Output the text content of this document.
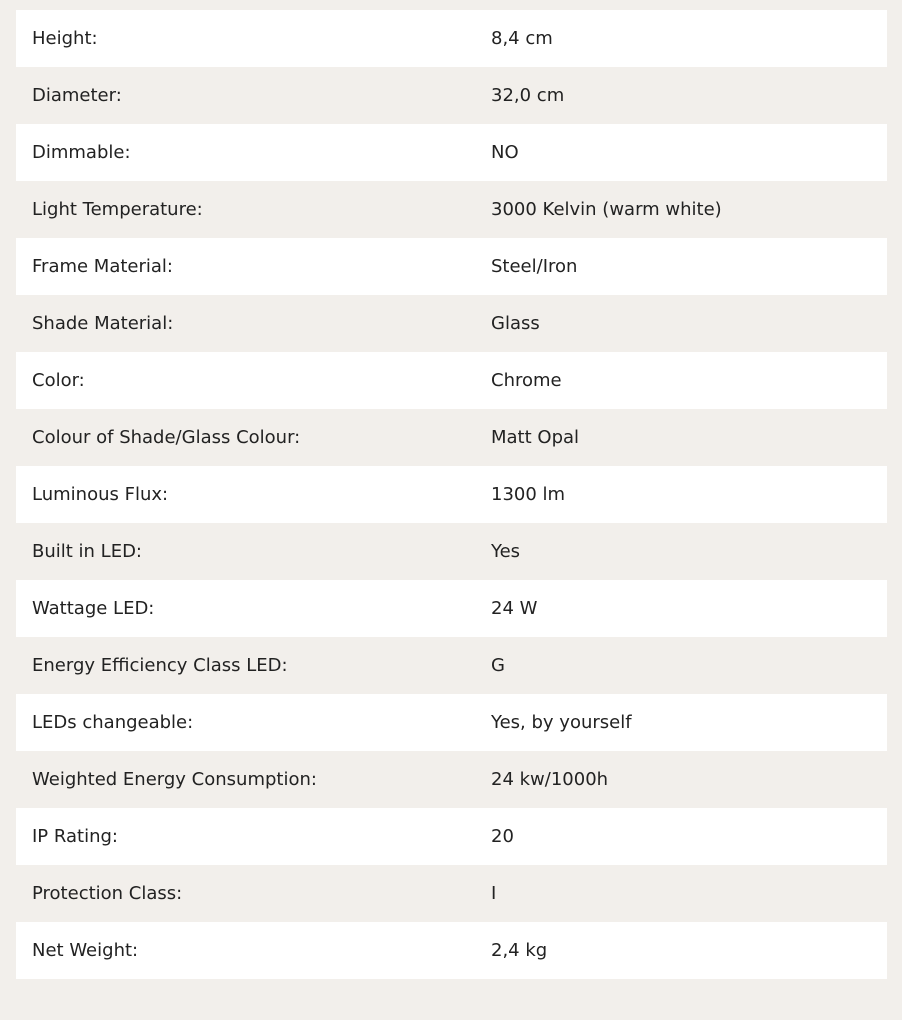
Height:	8,4 cm
Diameter:	32,0 cm
Dimmable:	NO
Light Temperature:	3000 Kelvin (warm white)
Frame Material:	Steel/Iron
Shade Material:	Glass
Color:	Chrome
Colour of Shade/Glass Colour:	Matt Opal
Luminous Flux:	1300 lm
Built in LED:	Yes
Wattage LED:	24 W
Energy Efficiency Class LED:	G
LEDs changeable:	Yes, by yourself
Weighted Energy Consumption:	24 kw/1000h
IP Rating:	20
Protection Class:	I
Net Weight:	2,4 kg
